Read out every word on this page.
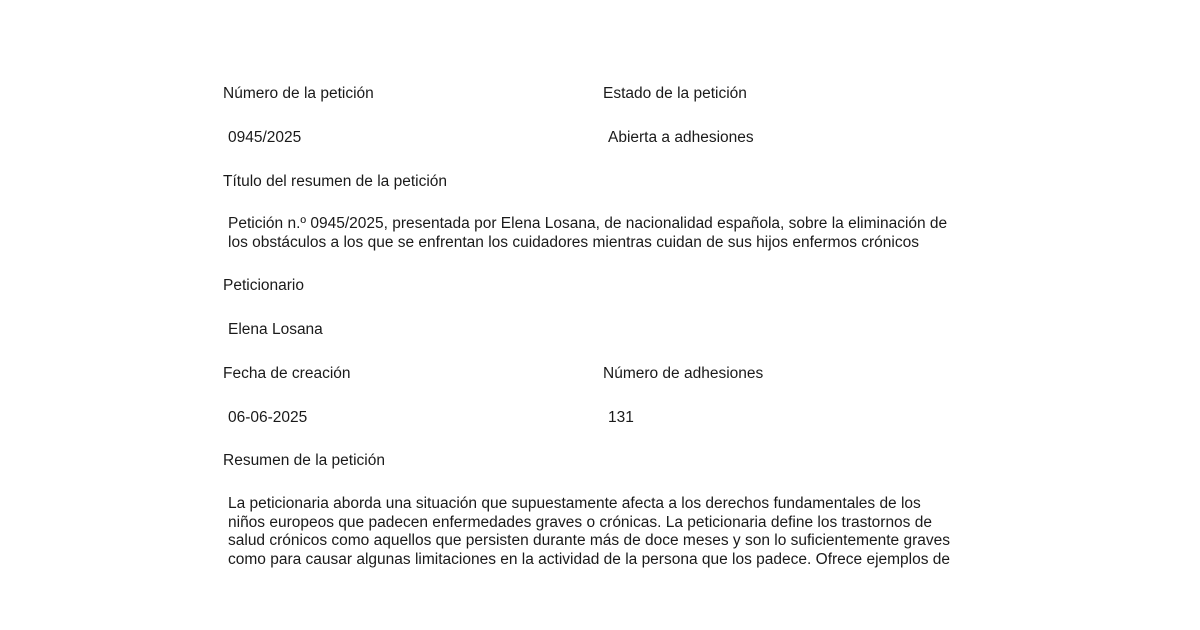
Número de la petición	Estado de la petición
0945/2025	Abierta a adhesiones
Título del resumen de la petición
Petición n.º 0945/2025, presentada por Elena Losana, de nacionalidad española, sobre la eliminación de
los obstáculos a los que se enfrentan los cuidadores mientras cuidan de sus hijos enfermos crónicos
Peticionario
Elena Losana
Fecha de creación	Número de adhesiones
06-06-2025	131
Resumen de la petición
La peticionaria aborda una situación que supuestamente afecta a los derechos fundamentales de los
niños europeos que padecen enfermedades graves o crónicas. La peticionaria define los trastornos de
salud crónicos como aquellos que persisten durante más de doce meses y son lo suficientemente graves
como para causar algunas limitaciones en la actividad de la persona que los padece. Ofrece ejemplos de
